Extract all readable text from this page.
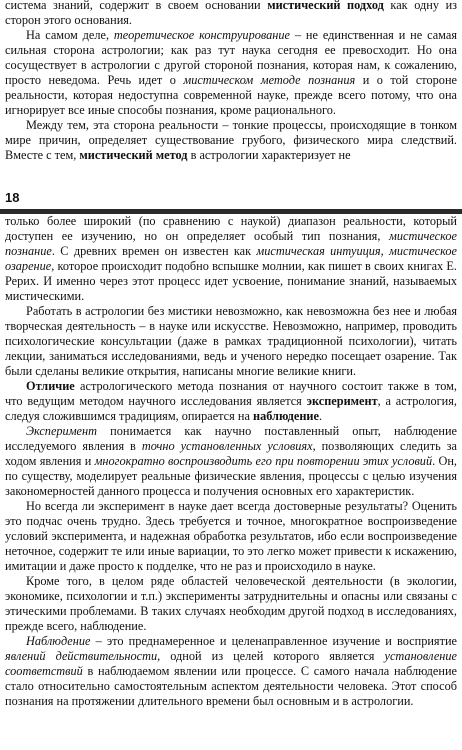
система знаний, содержит в своем основании мистический подход как одну из сторон этого основания.

На самом деле, теоретическое конструирование – не единственная и не самая сильная сторона астрологии; как раз тут наука сегодня ее превосходит. Но она сосуществует в астрологии с другой стороной познания, которая нам, к сожалению, просто неведома. Речь идет о мистическом методе познания и о той стороне реальности, которая недоступна современной науке, прежде всего потому, что она игнорирует все иные способы познания, кроме рационального.

Между тем, эта сторона реальности – тонкие процессы, происходящие в тонком мире причин, определяет существование грубого, физического мира следствий. Вместе с тем, мистический метод в астрологии характеризует не

18

только более широкий (по сравнению с наукой) диапазон реальности, который доступен ее изучению, но он определяет особый тип познания, мистическое познание. С древних времен он известен как мистическая интуиция, мистическое озарение, которое происходит подобно вспышке молнии, как пишет в своих книгах Е. Рерих. И именно через этот процесс идет усвоение, понимание знаний, называемых мистическими.

Работать в астрологии без мистики невозможно, как невозможна без нее и любая творческая деятельность – в науке или искусстве. Невозможно, например, проводить психологические консультации (даже в рамках традиционной психологии), читать лекции, заниматься исследованиями, ведь и ученого нередко посещает озарение. Так были сделаны великие открытия, написаны многие великие книги.

Отличие астрологического метода познания от научного состоит также в том, что ведущим методом научного исследования является эксперимент, а астрология, следуя сложившимся традициям, опирается на наблюдение.

Эксперимент понимается как научно поставленный опыт, наблюдение исследуемого явления в точно установленных условиях, позволяющих следить за ходом явления и многократно воспроизводить его при повторении этих условий. Он, по существу, моделирует реальные физические явления, процессы с целью изучения закономерностей данного процесса и получения основных его характеристик.

Но всегда ли эксперимент в науке дает всегда достоверные результаты? Оценить это подчас очень трудно. Здесь требуется и точное, многократное воспроизведение условий эксперимента, и надежная обработка результатов, ибо если воспроизведение неточное, содержит те или иные вариации, то это легко может привести к искажению, имитации и даже просто к подделке, что не раз и происходило в науке.

Кроме того, в целом ряде областей человеческой деятельности (в экологии, экономике, психологии и т.п.) эксперименты затруднительны и опасны или связаны с этическими проблемами. В таких случаях необходим другой подход в исследованиях, прежде всего, наблюдение.

Наблюдение – это преднамеренное и целенаправленное изучение и восприятие явлений действительности, одной из целей которого является установление соответствий в наблюдаемом явлении или процессе. С самого начала наблюдение стало относительно самостоятельным аспектом деятельности человека. Этот способ познания на протяжении длительного времени был основным и в астрологии.
